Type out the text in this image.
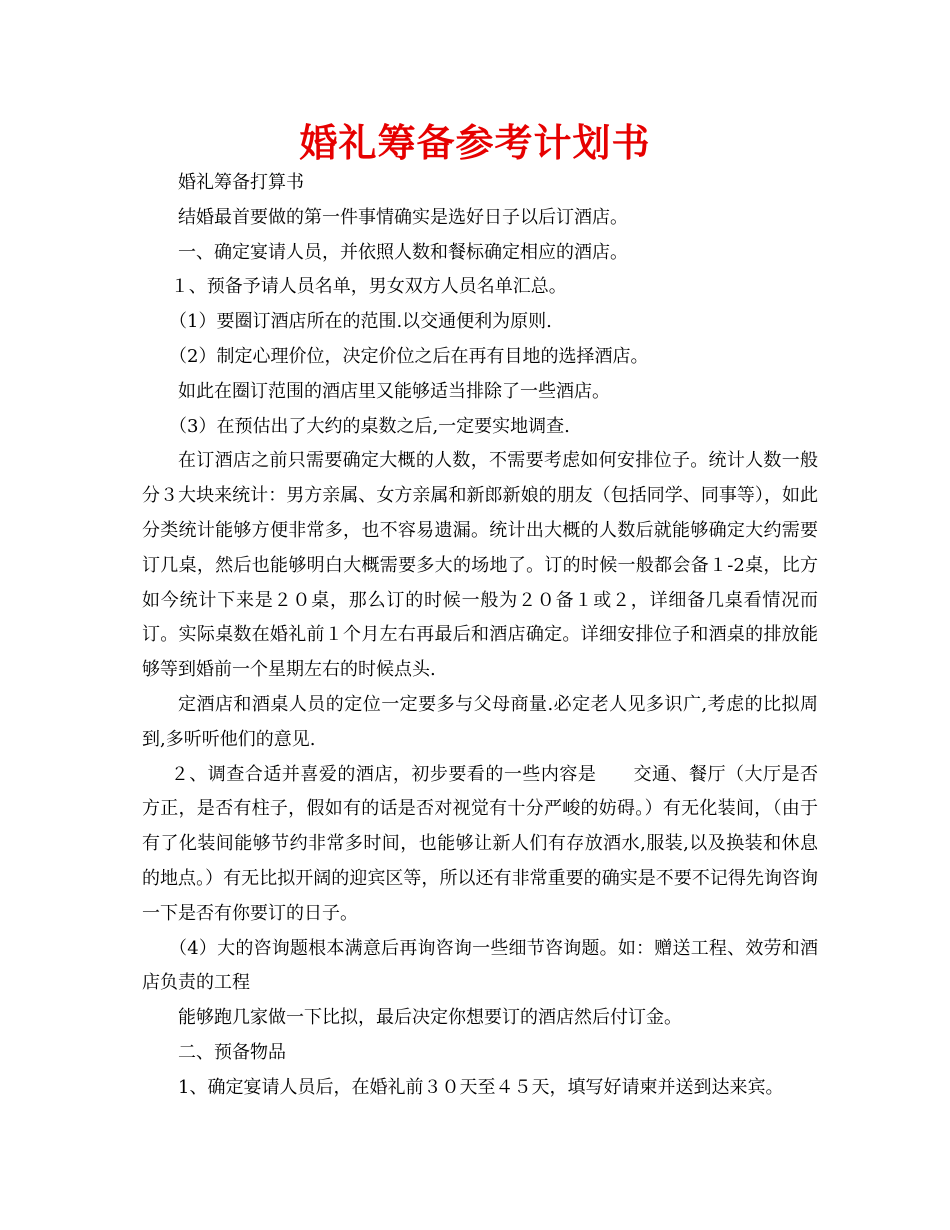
婚礼筹备参考计划书

婚礼筹备打算书

结婚最首要做的第一件事情确实是选好日子以后订酒店。

一、确定宴请人员，并依照人数和餐标确定相应的酒店。

１、预备予请人员名单，男女双方人员名单汇总。

（1）要圈订酒店所在的范围.以交通便利为原则.

（2）制定心理价位，决定价位之后在再有目地的选择酒店。

如此在圈订范围的酒店里又能够适当排除了一些酒店。

（3）在预估出了大约的桌数之后,一定要实地调查.

在订酒店之前只需要确定大概的人数，不需要考虑如何安排位子。统计人数一般分３大块来统计：男方亲属、女方亲属和新郎新娘的朋友（包括同学、同事等），如此分类统计能够方便非常多，也不容易遗漏。统计出大概的人数后就能够确定大约需要订几桌，然后也能够明白大概需要多大的场地了。订的时候一般都会备１-2桌，比方如今统计下来是２０桌，那么订的时候一般为２０备１或２，详细备几桌看情况而订。实际桌数在婚礼前１个月左右再最后和酒店确定。详细安排位子和酒桌的排放能够等到婚前一个星期左右的时候点头.

定酒店和酒桌人员的定位一定要多与父母商量.必定老人见多识广,考虑的比拟周到,多听听他们的意见.

２、调查合适并喜爱的酒店，初步要看的一些内容是　　交通、餐厅（大厅是否方正，是否有柱子，假如有的话是否对视觉有十分严峻的妨碍。）有无化装间，（由于有了化装间能够节约非常多时间，也能够让新人们有存放酒水,服装,以及换装和休息的地点。）有无比拟开阔的迎宾区等，所以还有非常重要的确实是不要不记得先询咨询一下是否有你要订的日子。

（4）大的咨询题根本满意后再询咨询一些细节咨询题。如：赠送工程、效劳和酒店负责的工程

能够跑几家做一下比拟，最后决定你想要订的酒店然后付订金。

二、预备物品

1、确定宴请人员后，在婚礼前３０天至４５天，填写好请柬并送到达来宾。
